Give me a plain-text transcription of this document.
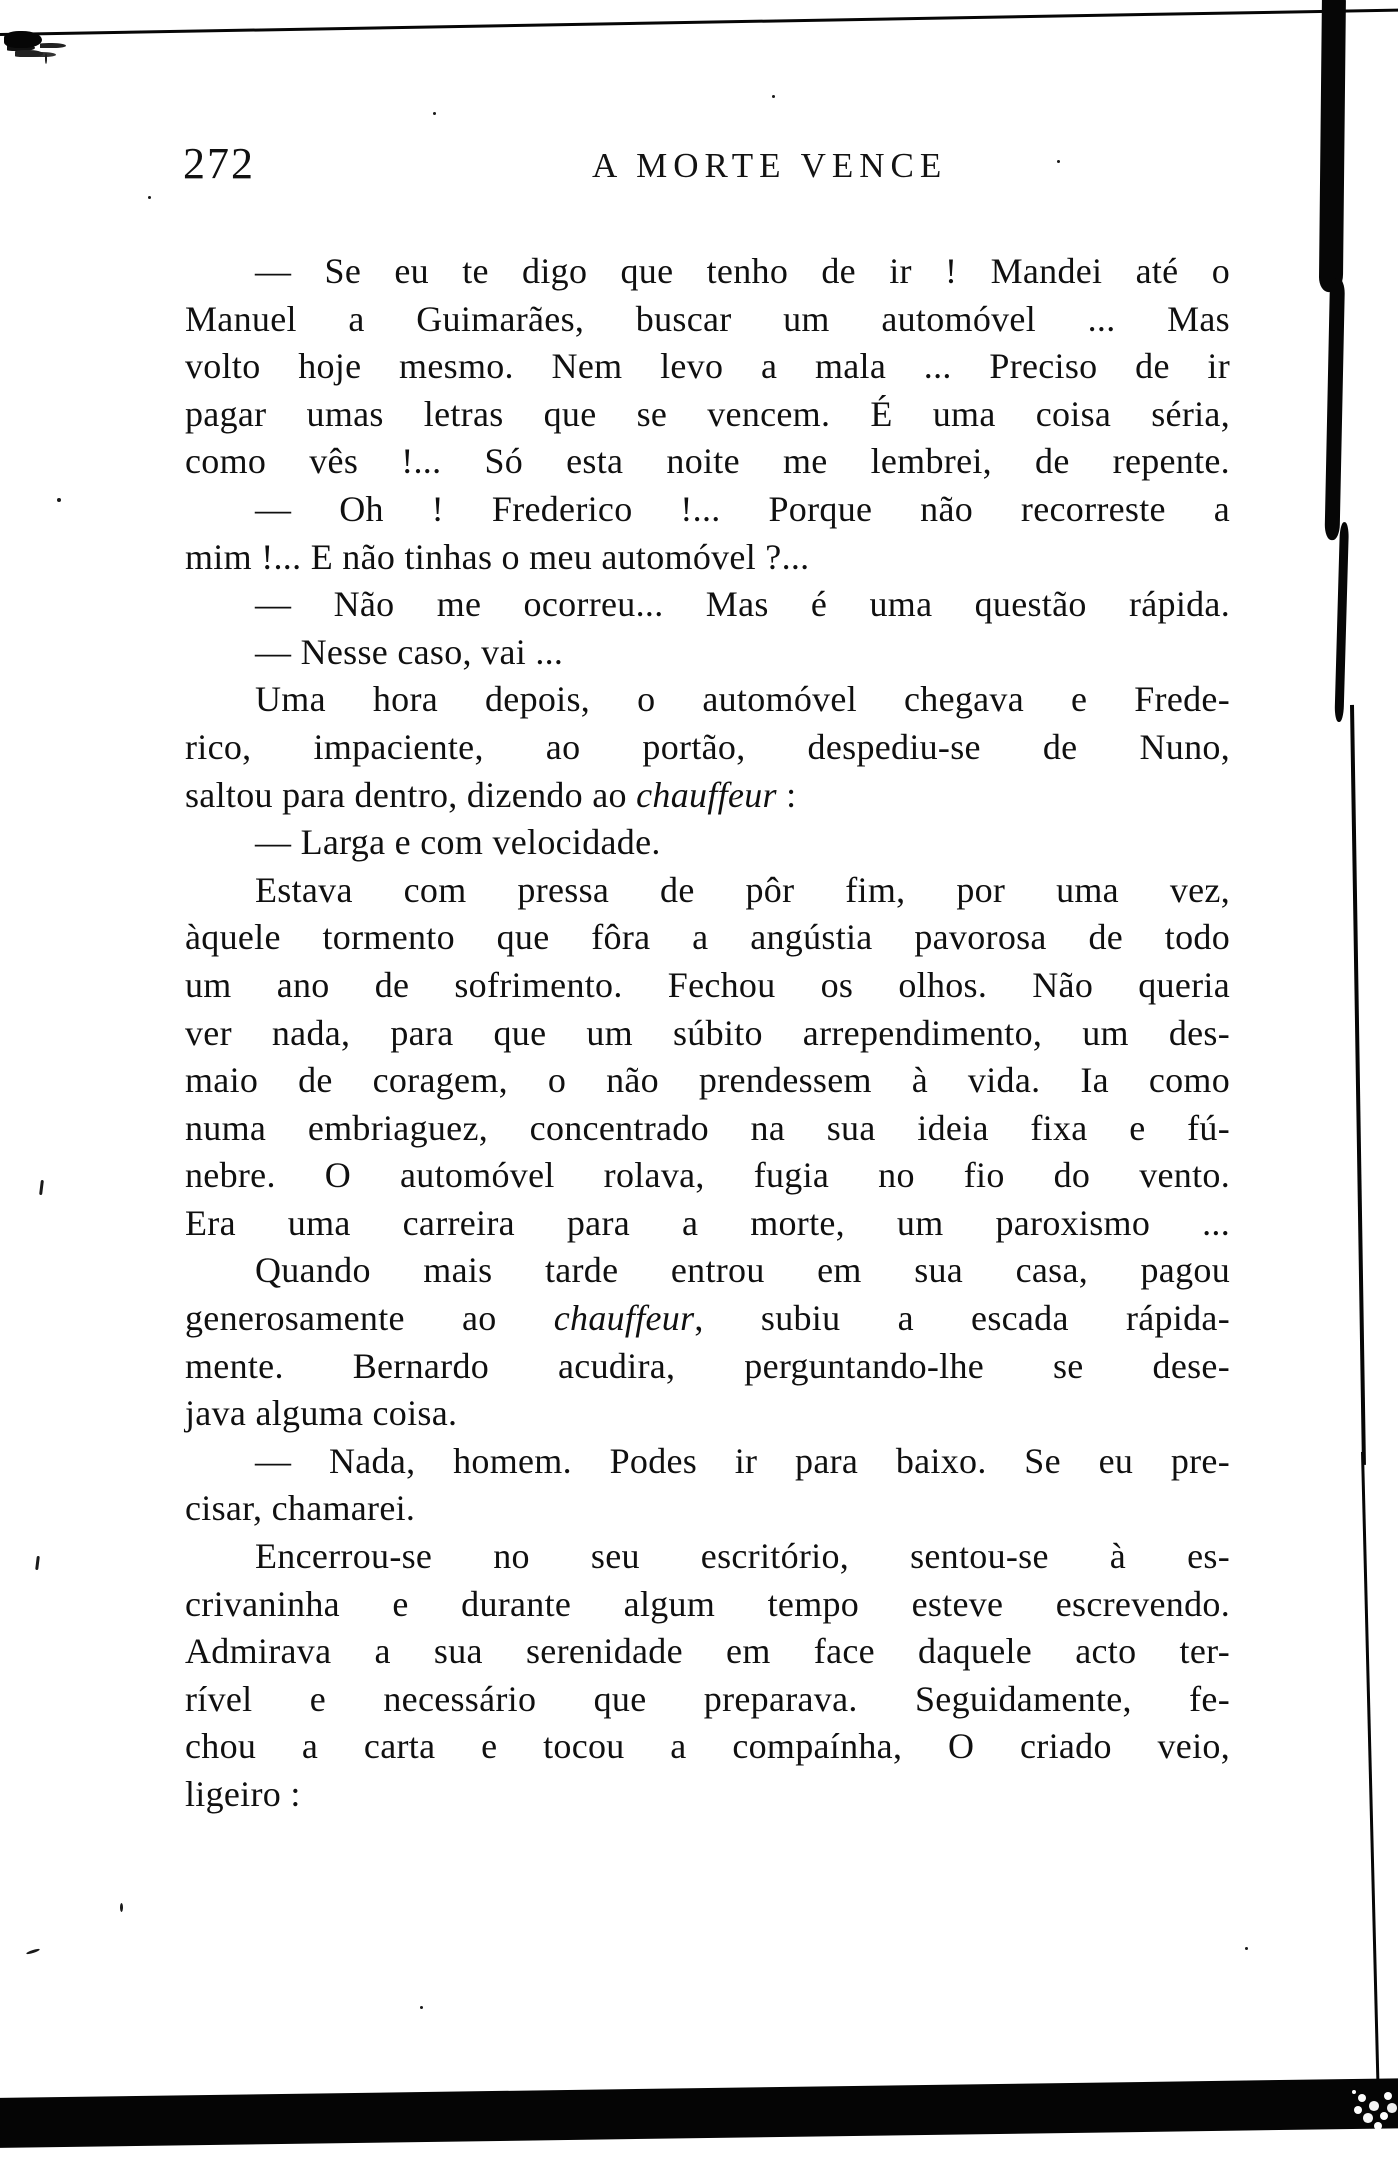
272	A MORTE VENCE
— Se eu te digo que tenho de ir ! Mandei até o
Manuel a Guimarães, buscar um automóvel ... Mas
volto hoje mesmo. Nem levo a mala ... Preciso de ir
pagar umas letras que se vencem. É uma coisa séria,
como vês !... Só esta noite me lembrei, de repente.
— Oh ! Frederico !... Porque não recorreste a
mim !... E não tinhas o meu automóvel ?...
— Não me ocorreu... Mas é uma questão rápida.
— Nesse caso, vai ...
Uma hora depois, o automóvel chegava e Frede-
rico, impaciente, ao portão, despediu-se de Nuno,
saltou para dentro, dizendo ao chauffeur :
— Larga e com velocidade.
Estava com pressa de pôr fim, por uma vez,
àquele tormento que fôra a angústia pavorosa de todo
um ano de sofrimento. Fechou os olhos. Não queria
ver nada, para que um súbito arrependimento, um des-
maio de coragem, o não prendessem à vida. Ia como
numa embriaguez, concentrado na sua ideia fixa e fú-
nebre. O automóvel rolava, fugia no fio do vento.
Era uma carreira para a morte, um paroxismo ...
Quando mais tarde entrou em sua casa, pagou
generosamente ao chauffeur, subiu a escada rápida-
mente. Bernardo acudira, perguntando-lhe se dese-
java alguma coisa.
— Nada, homem. Podes ir para baixo. Se eu pre-
cisar, chamarei.
Encerrou-se no seu escritório, sentou-se à es-
crivaninha e durante algum tempo esteve escrevendo.
Admirava a sua serenidade em face daquele acto ter-
rível e necessário que preparava. Seguidamente, fe-
chou a carta e tocou a compaínha, O criado veio,
ligeiro :
